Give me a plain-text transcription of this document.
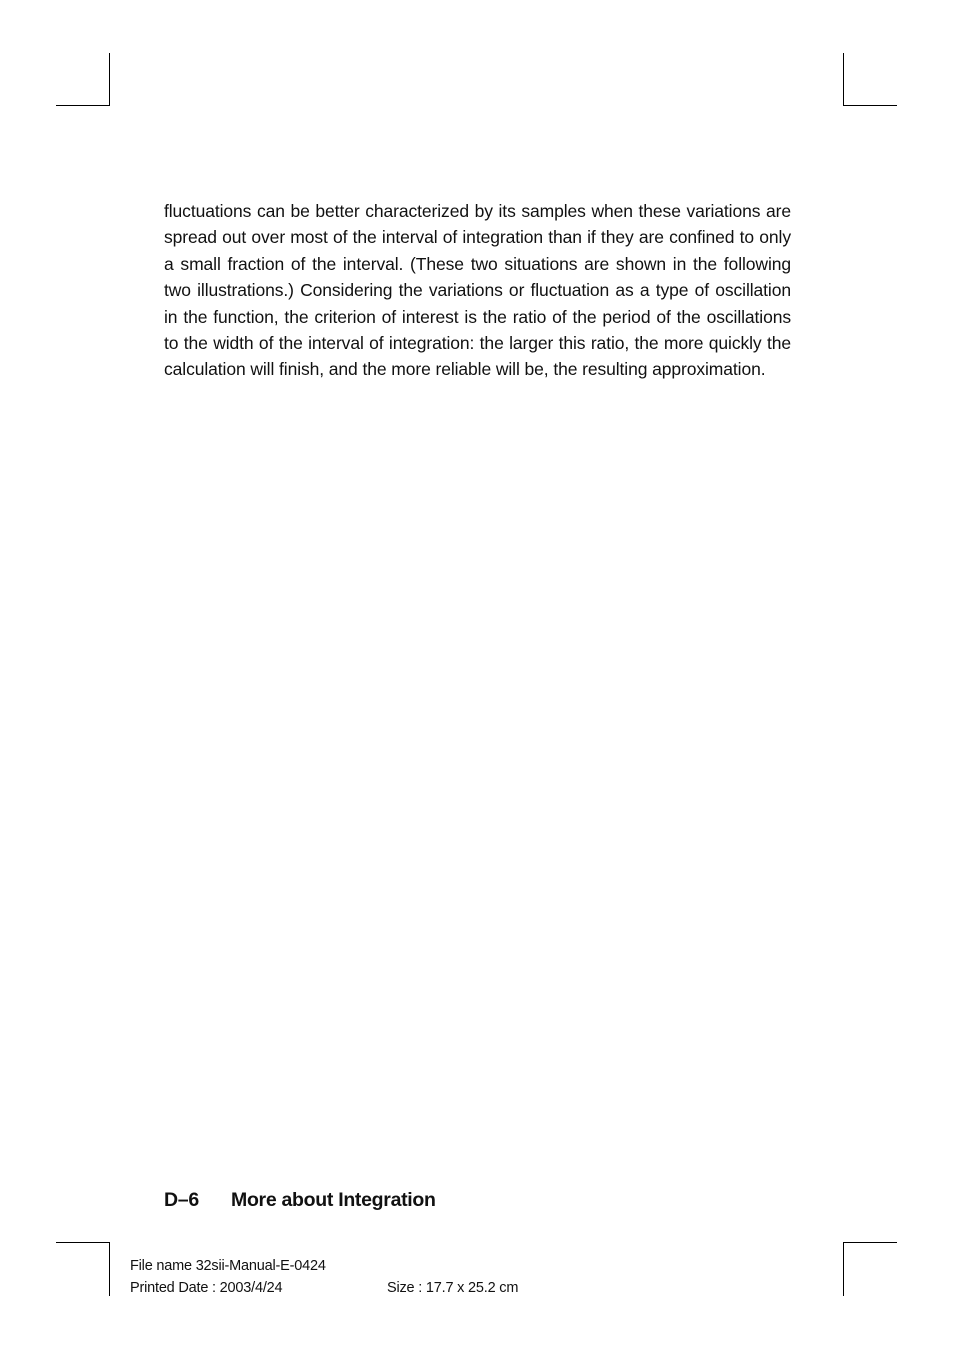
fluctuations can be better characterized by its samples when these variations are spread out over most of the interval of integration than if they are confined to only a small fraction of the interval. (These two situations are shown in the following two illustrations.) Considering the variations or fluctuation as a type of oscillation in the function, the criterion of interest is the ratio of the period of the oscillations to the width of the interval of integration: the larger this ratio, the more quickly the calculation will finish, and the more reliable will be, the resulting approximation.

D–6 More about Integration
File name 32sii-Manual-E-0424
Printed Date : 2003/4/24	Size : 17.7 x 25.2 cm
